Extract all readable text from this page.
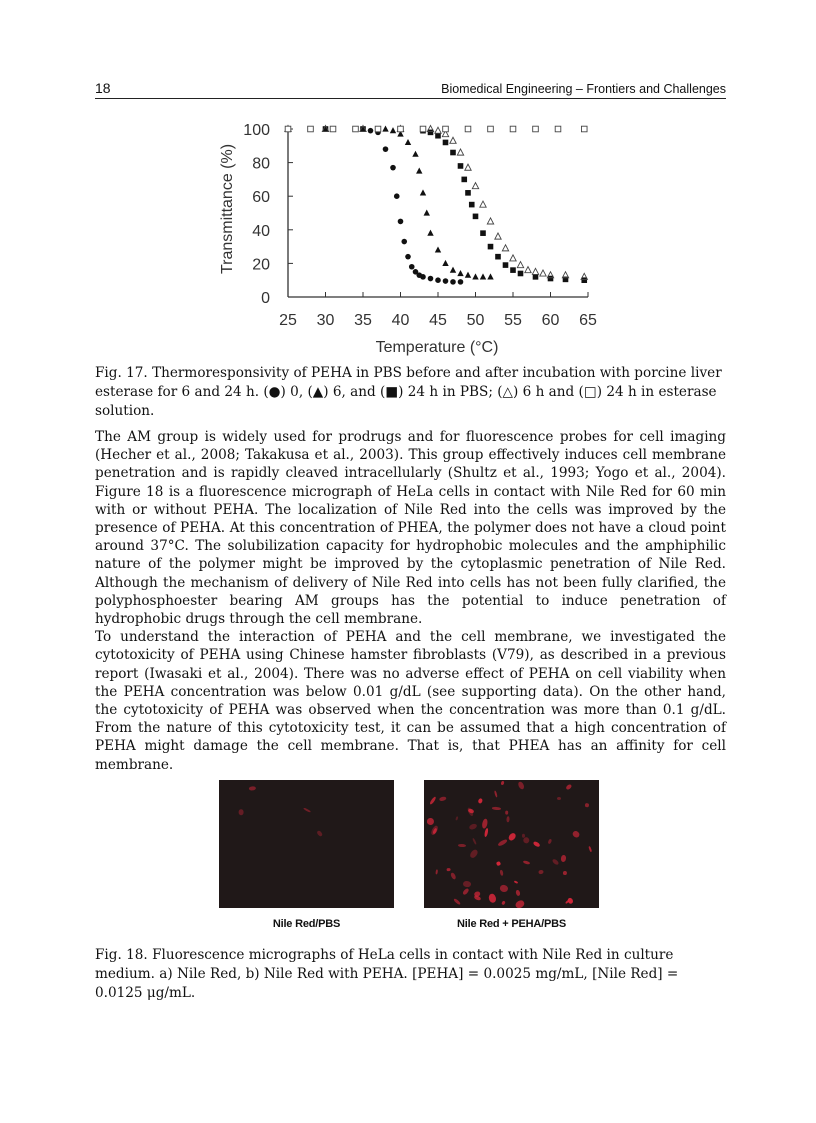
18	Biomedical Engineering – Frontiers and Challenges
25 30 35 40 45 50 55 60 65
0
20
40
60
80
100
Temperature (°C)
Transmittance (%)
Fig. 17. Thermoresponsivity of PEHA in PBS before and after incubation with porcine liver esterase for 6 and 24 h. (●) 0, (▲) 6, and (■) 24 h in PBS; (△) 6 h and (□) 24 h in esterase solution.

The AM group is widely used for prodrugs and for fluorescence probes for cell imaging (Hecher et al., 2008; Takakusa et al., 2003). This group effectively induces cell membrane penetration and is rapidly cleaved intracellularly (Shultz et al., 1993; Yogo et al., 2004). Figure 18 is a fluorescence micrograph of HeLa cells in contact with Nile Red for 60 min with or without PEHA. The localization of Nile Red into the cells was improved by the presence of PEHA. At this concentration of PHEA, the polymer does not have a cloud point around 37°C. The solubilization capacity for hydrophobic molecules and the amphiphilic nature of the polymer might be improved by the cytoplasmic penetration of Nile Red. Although the mechanism of delivery of Nile Red into cells has not been fully clarified, the polyphosphoester bearing AM groups has the potential to induce penetration of hydrophobic drugs through the cell membrane.

To understand the interaction of PEHA and the cell membrane, we investigated the cytotoxicity of PEHA using Chinese hamster fibroblasts (V79), as described in a previous report (Iwasaki et al., 2004). There was no adverse effect of PEHA on cell viability when the PEHA concentration was below 0.01 g/dL (see supporting data). On the other hand, the cytotoxicity of PEHA was observed when the concentration was more than 0.1 g/dL. From the nature of this cytotoxicity test, it can be assumed that a high concentration of PEHA might damage the cell membrane. That is, that PHEA has an affinity for cell membrane.

Nile Red/PBS	Nile Red + PEHA/PBS
Fig. 18. Fluorescence micrographs of HeLa cells in contact with Nile Red in culture medium. a) Nile Red, b) Nile Red with PEHA. [PEHA] = 0.0025 mg/mL, [Nile Red] = 0.0125 μg/mL.
